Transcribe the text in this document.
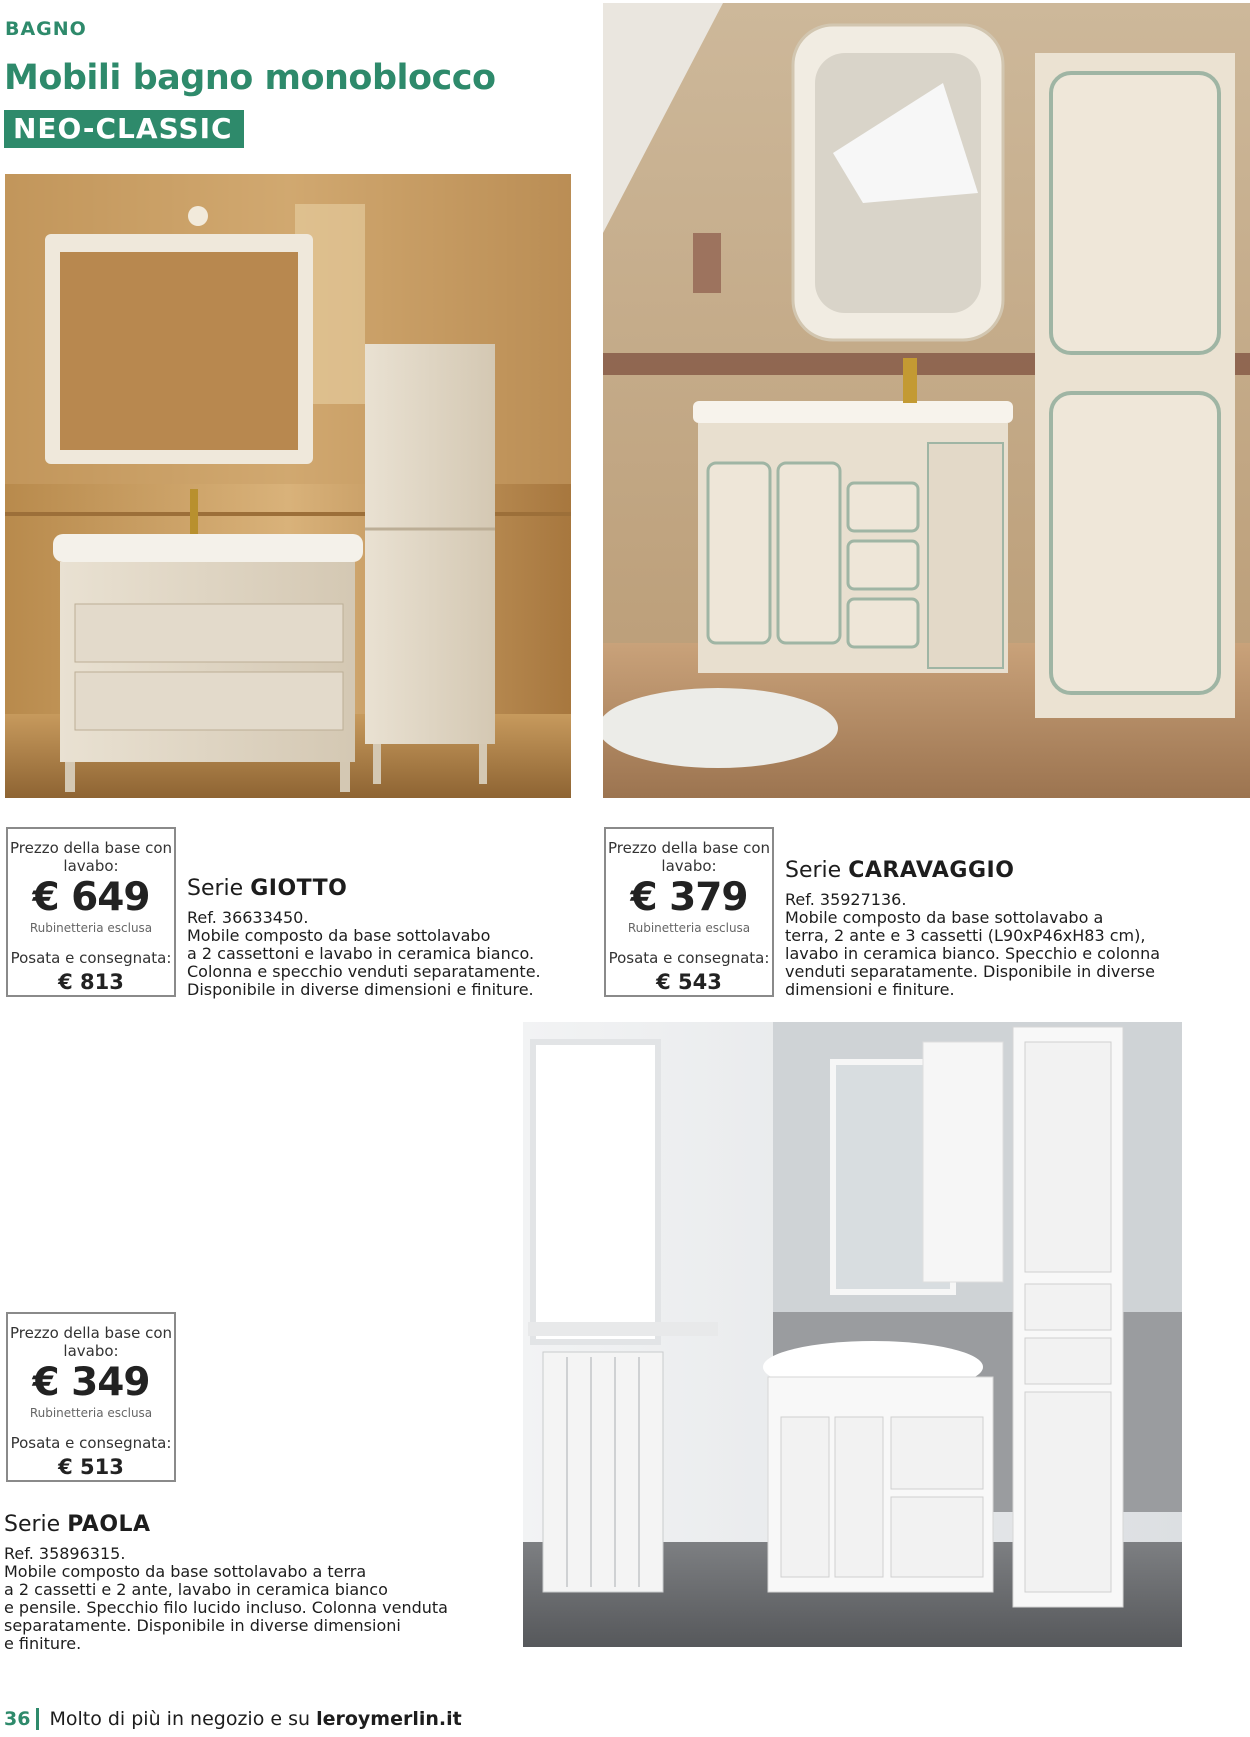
BAGNO
Mobili bagno monoblocco
NEO-CLASSIC
Prezzo della base con lavabo:
€ 649
Rubinetteria esclusa
Posata e consegnata:
€ 813
Serie GIOTTO
Ref. 36633450.
Mobile composto da base sottolavabo
a 2 cassettoni e lavabo in ceramica bianco.
Colonna e specchio venduti separatamente.
Disponibile in diverse dimensioni e finiture.
Prezzo della base con lavabo:
€ 379
Rubinetteria esclusa
Posata e consegnata:
€ 543
Serie CARAVAGGIO
Ref. 35927136.
Mobile composto da base sottolavabo a
terra, 2 ante e 3 cassetti (L90xP46xH83 cm),
lavabo in ceramica bianco. Specchio e colonna
venduti separatamente. Disponibile in diverse
dimensioni e finiture.
Prezzo della base con lavabo:
€ 349
Rubinetteria esclusa
Posata e consegnata:
€ 513
Serie PAOLA
Ref. 35896315.
Mobile composto da base sottolavabo a terra
a 2 cassetti e 2 ante, lavabo in ceramica bianco
e pensile. Specchio filo lucido incluso. Colonna venduta
separatamente. Disponibile in diverse dimensioni
e finiture.
36 Molto di più in negozio e su
leroymerlin.it
